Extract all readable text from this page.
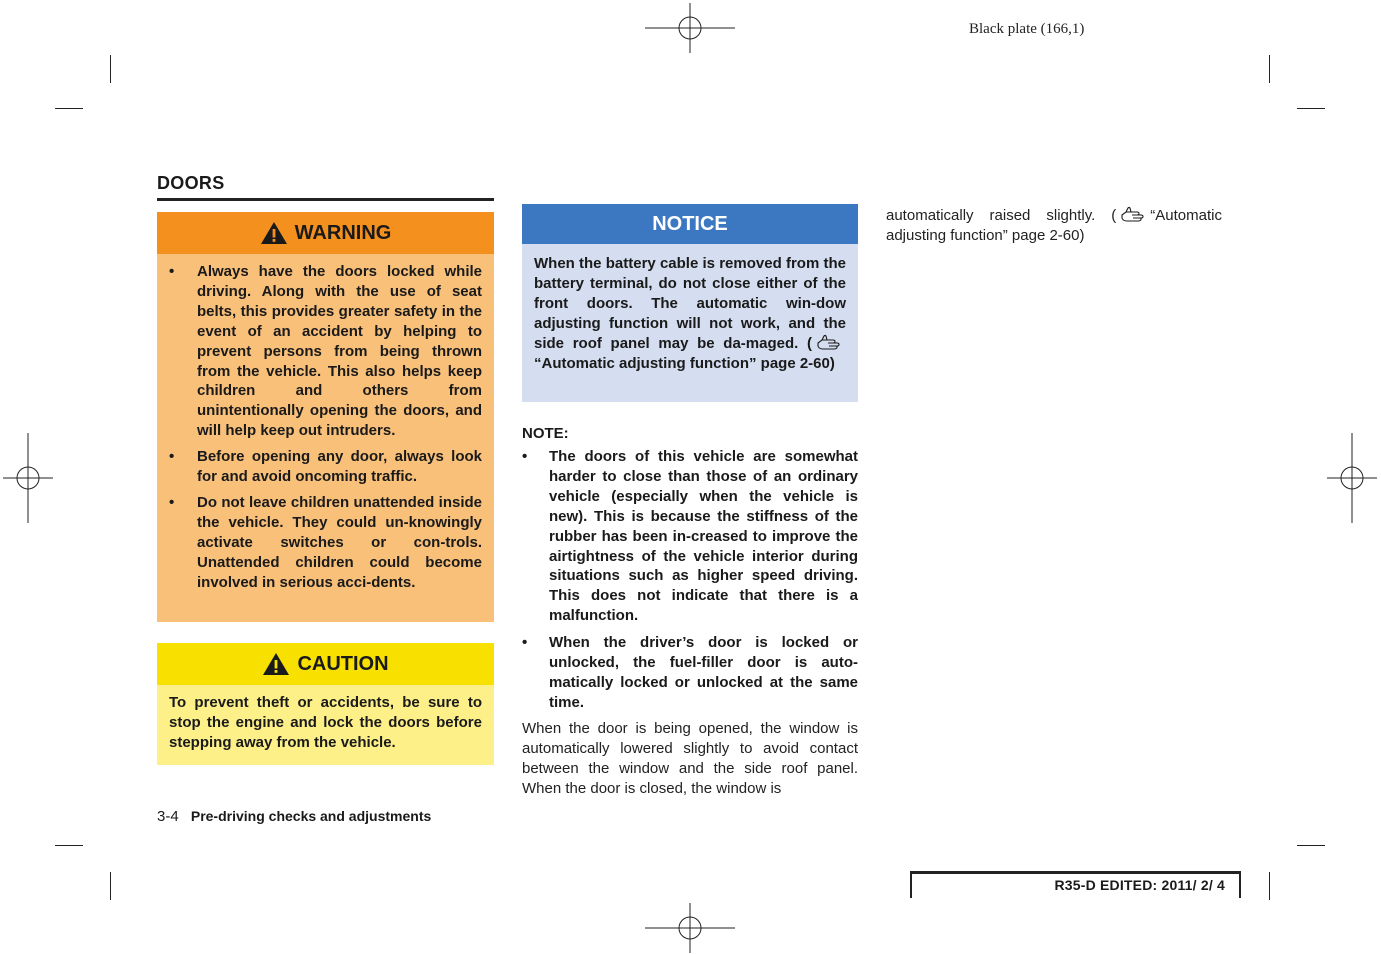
Black plate (166,1)
DOORS
WARNING
• Always have the doors locked while driving. Along with the use of seat belts, this provides greater safety in the event of an accident by helping to prevent persons from being thrown from the vehicle. This also helps keep children and others from unintentionally opening the doors, and will help keep out intruders.
• Before opening any door, always look for and avoid oncoming traffic.
• Do not leave children unattended inside the vehicle. They could un-knowingly activate switches or con-trols. Unattended children could become involved in serious acci-dents.
CAUTION
To prevent theft or accidents, be sure to stop the engine and lock the doors before stepping away from the vehicle.
3-4 Pre-driving checks and adjustments
NOTICE
When the battery cable is removed from the battery terminal, do not close either of the front doors. The automatic win-dow adjusting function will not work, and the side roof panel may be da-maged. (“Automatic adjusting function” page 2-60)
NOTE:
• The doors of this vehicle are somewhat harder to close than those of an ordinary vehicle (especially when the vehicle is new). This is because the stiffness of the rubber has been in-creased to improve the airtightness of the vehicle interior during situations such as higher speed driving. This does not indicate that there is a malfunction.
• When the driver’s door is locked or unlocked, the fuel-filler door is auto-matically locked or unlocked at the same time.
When the door is being opened, the window is automatically lowered slightly to avoid contact between the window and the side roof panel. When the door is closed, the window is
automatically raised slightly. ( “Automatic adjusting function” page 2-60)
R35-D EDITED: 2011/ 2/ 4
